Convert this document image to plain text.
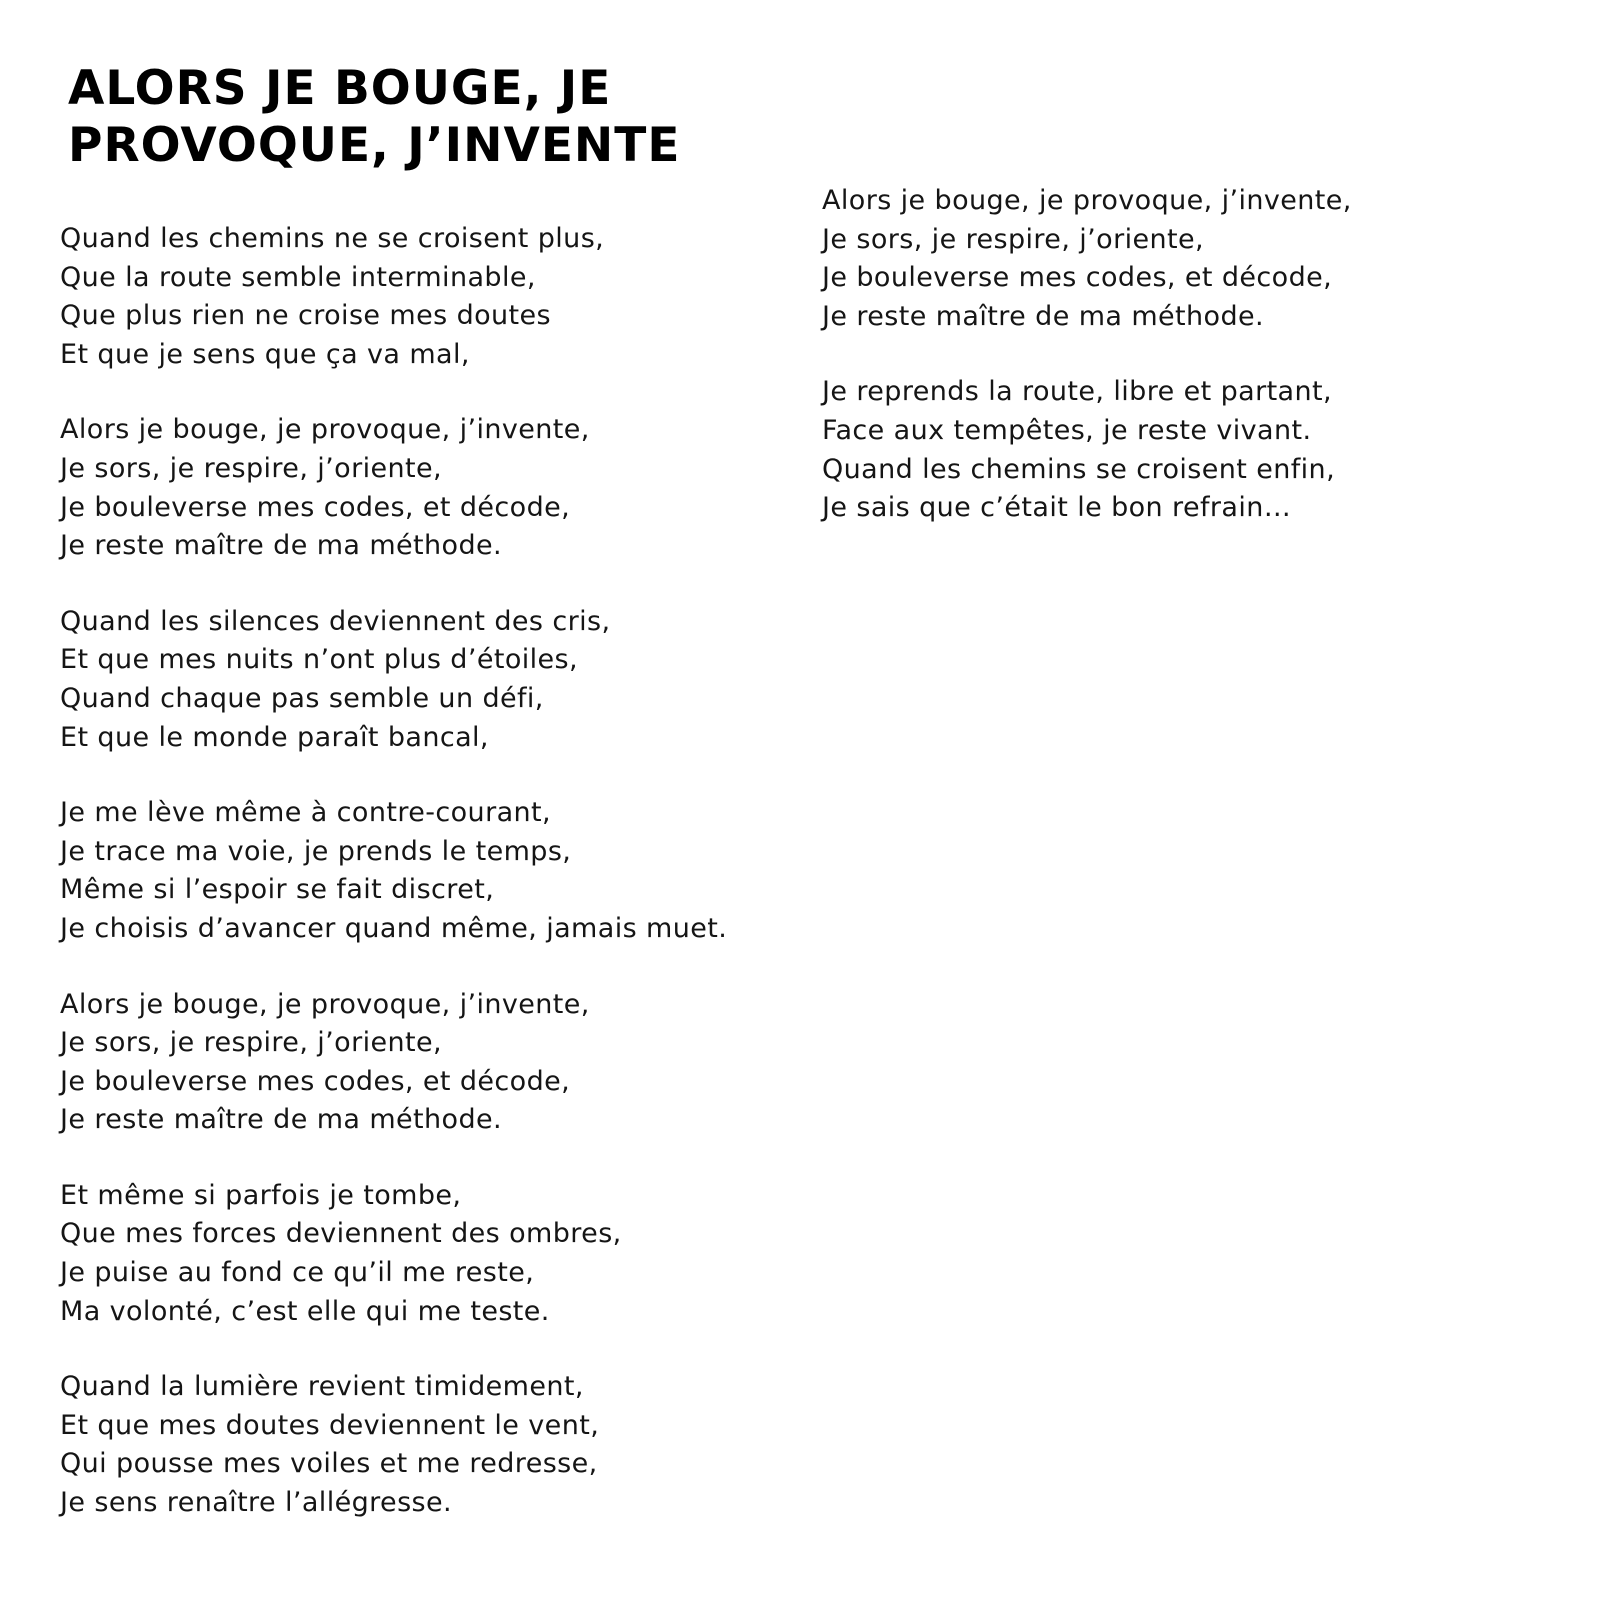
ALORS JE BOUGE, JE
PROVOQUE, J’INVENTE
Quand les chemins ne se croisent plus,
Que la route semble interminable,
Que plus rien ne croise mes doutes
Et que je sens que ça va mal,
Alors je bouge, je provoque, j’invente,
Je sors, je respire, j’oriente,
Je bouleverse mes codes, et décode,
Je reste maître de ma méthode.
Quand les silences deviennent des cris,
Et que mes nuits n’ont plus d’étoiles,
Quand chaque pas semble un défi,
Et que le monde paraît bancal,
Je me lève même à contre-courant,
Je trace ma voie, je prends le temps,
Même si l’espoir se fait discret,
Je choisis d’avancer quand même, jamais muet.
Alors je bouge, je provoque, j’invente,
Je sors, je respire, j’oriente,
Je bouleverse mes codes, et décode,
Je reste maître de ma méthode.
Et même si parfois je tombe,
Que mes forces deviennent des ombres,
Je puise au fond ce qu’il me reste,
Ma volonté, c’est elle qui me teste.
Quand la lumière revient timidement,
Et que mes doutes deviennent le vent,
Qui pousse mes voiles et me redresse,
Je sens renaître l’allégresse.
Alors je bouge, je provoque, j’invente,
Je sors, je respire, j’oriente,
Je bouleverse mes codes, et décode,
Je reste maître de ma méthode.
Je reprends la route, libre et partant,
Face aux tempêtes, je reste vivant.
Quand les chemins se croisent enfin,
Je sais que c’était le bon refrain…
